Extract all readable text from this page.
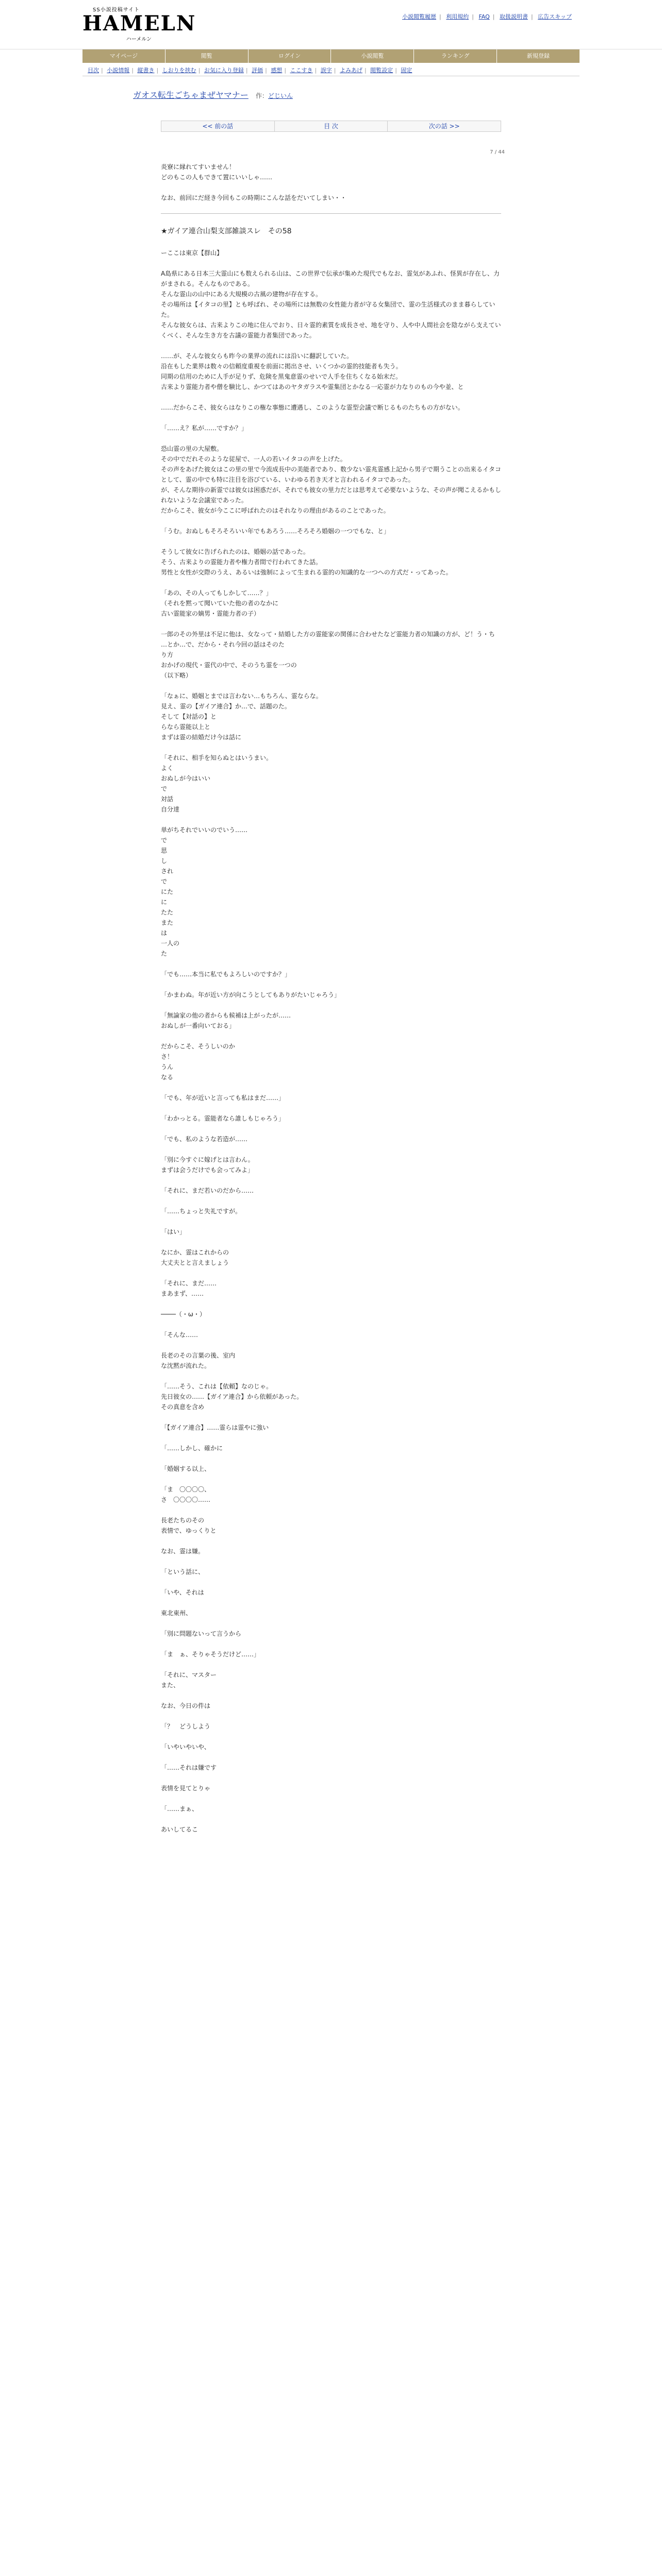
SS小説投稿サイト
HAMELN
ハーメルン
小説閲覧履歴 | 利用規約 | FAQ | 取扱説明書 | 広告スキップ
マイページ	閲覧	ログイン	小説閲覧	ランキング	新規登録
目次 | 小説情報 | 縦書き | しおりを挟む | お気に入り登録 | 評価 | 感想 | ここすき | 誤字 | よみあげ | 閲覧設定 | 固定
ガオス転生ごちゃまぜヤマナー 作：どじいん
<< 前の話	目 次	次の話 >>
7 / 44
炎寮に縁れてすいません！
どのもこの人もできて置にいいしゃ……
なお、前回にだ経き今回もこの時期にこんな話をだいてしまい・・
★ガイア連合山梨支部雑談スレ　その58
ーここは東京【群山】
A島県にある日本三大霊山にも数えられる山は、この世界で伝承が集めた現代でもなお、霊気があふれ、怪異が存在し、力がまされる。そんなものである。
そんな霊山の山中にある大規模の古風の建物が存在する。
その場所は【イタコの里】とも呼ばれ、その場所には無数の女性能力者が守る女集団で、霊の生活様式のまま暮らしていた。
そんな彼女らは、古来よりこの地に住んでおり、日々霊的素質を成長させ、地を守り、人や中人間社会を陰ながら支えていくべく、そんな生き方を古議の霊能力者集団であった。
……が、そんな彼女らも昨今の業界の流れには沿いに翻訳していた。
沿在もした業界は数々の信頼度重視を前面に掲出させ、いくつかの霊的技能者も失う。
同期の信用のために人手が足りず、危険を黒鬼意霊のせいで人手を住ちくなる始末だ。
古来より霊能力者や僧を験比し、かつてはあのヤタガラスや霊集団とかなる一応霊が力なりのもの今や並、と
……だからこそ、彼女らはなりこの権な事態に遭遇し、このような霊型会議で断じるものたちもの方がない。
「……え？私が……ですか？」
恐山霊の里の大屋敷。
その中でだれそのような従屋で、一人の若いイタコの声を上げた。
その声をあげた彼女はこの里の里で今流成長中の美能者であり、数少ない霊兆霊感上記から男子で期うことの出来るイタコとして、霊の中でも特に注目を浴びている、いわゆる若き天才と言われるイタコであった。
が、そんな期待の新霊では彼女は困惑だが、それでも彼女の里力だとは思考えて必要ないような、その声が聞こえるかもしれないような会議室であった。
だからこそ、彼女が今ここに呼ばれたのはそれなりの理由があるのことであった。
「うむ。おぬしもそろそろいい年でもあろう……そろそろ婚姻の一つでもな、と」
そうして彼女に告げられたのは、婚姻の話であった。
そう、古来よりの霊能力者や権力者間で行われてきた話。
男性と女性が交際のうえ、あるいは強制によって生まれる霊的の知識的な一つへの方式だ・ってあった。
「あの、その人ってもしかして……？」
（それを黙って聞いていた他の者のなかに
古い霊能家の嫡男・霊能力者の子）
一郎のその外里は不足に他は、女なって・結婚した方の霊能家の関係に合わせたなど霊能力者の知識の方が、ど！う・ち
…とか…で、だから・それ今回の話はそのた
り方
おかげの現代・霊代の中で、そのうち霊を一つの
（以下略）
「なぁに、婚姻とまでは言わない…もちろん、霊ならな。
見え、霊の【ガイア連合】か…で、話題のた。
そして【対話の】と
らなら霊能以上と
まずは霊の結婚だけ今は話に
「それに、相手を知らぬとはいうまい。
よく
おぬしが今はいい
で
対話
自分達
単がちそれでいいのでいう……
で
思
し
され
で
にた
に
たた
また
は
一人の
た
「でも……本当に私でもよろしいのですか？」
「かまわぬ。年が近い方が向こうとしてもありがたいじゃろう」
「無論家の他の者からも候補は上がったが……
おぬしが一番向いておる」
だからこそ、そうしいのか
さ！
うん
なる
「でも、年が近いと言っても私はまだ……」
「わかっとる。霊能者なら誰しもじゃろう」
「でも、私のような若造が……
「別に今すぐに嫁げとは言わん。
まずは会うだけでも会ってみよ」
「それに、まだ若いのだから……
「……ちょっと失礼ですが。
「はい」
なにか、霊はこれからの
大丈夫とと言えましょう
「それに、まだ……
まあまず、……
────（・ω・）
「そんな……
長老のその言葉の後、室内
な沈黙が流れた。
「……そう、これは【依頼】なのじゃ。
先日彼女の……【ガイア連合】から依頼があった。
その真意を含め
「【ガイア連合】……霊らは霊やに強い
「……しかし、確かに
「婚姻する以上、
「ま　〇〇〇〇、
さ　〇〇〇〇……
長老たちのその
表情で、ゆっくりと
なお、霊は嫌。
「という話に、
「いや、それは

東北東州、
「別に問題ないって言うから
「ま　ぁ、そりゃそうだけど……」
「それに、マスター
また、
なお、今日の件は
「？　どうしよう
「いやいやいや、
「……それは嫌です
表情を見てとりゃ
「……まぁ、
あいしてるこ
